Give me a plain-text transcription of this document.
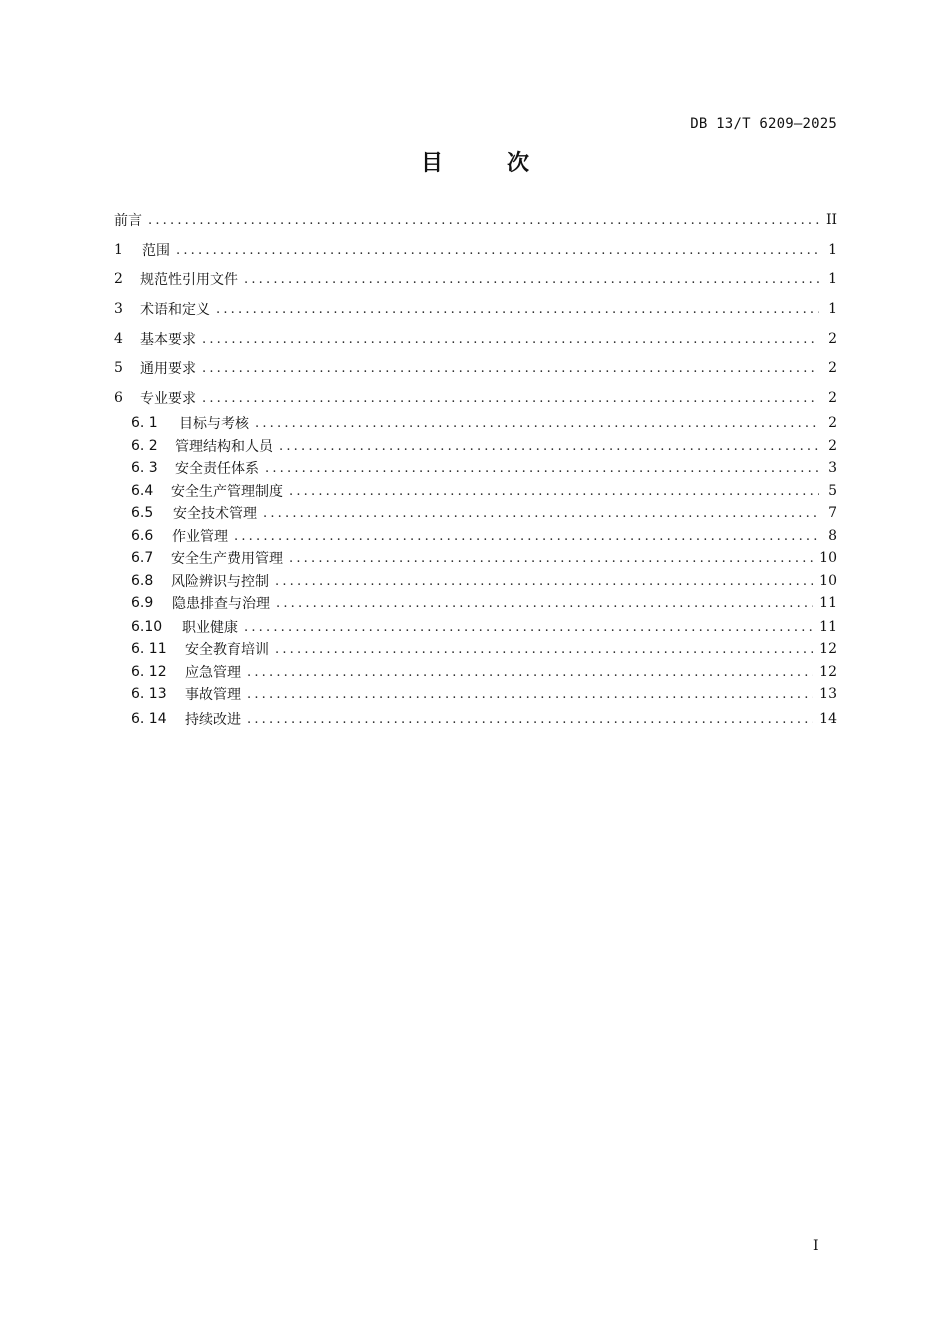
DB 13/T 6209—2025
目	次
前言 .....	II
1	范围 .....	1
2	规范性引用文件 .....	1
3	术语和定义 .....	1
4	基本要求 .....	2
5	通用要求 .....	2
6	专业要求 .....	2
6. 1	目标与考核 .....	2
6. 2	管理结构和人员 .....	2
6. 3	安全责任体系 .....	3
6.4	安全生产管理制度 .....	5
6.5	安全技术管理 .....	7
6.6	作业管理 .....	8
6.7	安全生产费用管理 .....	10
6.8	风险辨识与控制 .....	10
6.9	隐患排查与治理 .....	11
6.10	职业健康 .....	11
6. 11	安全教育培训 .....	12
6. 12	应急管理 .....	12
6. 13	事故管理 .....	13
6. 14	持续改进 .....	14
I
